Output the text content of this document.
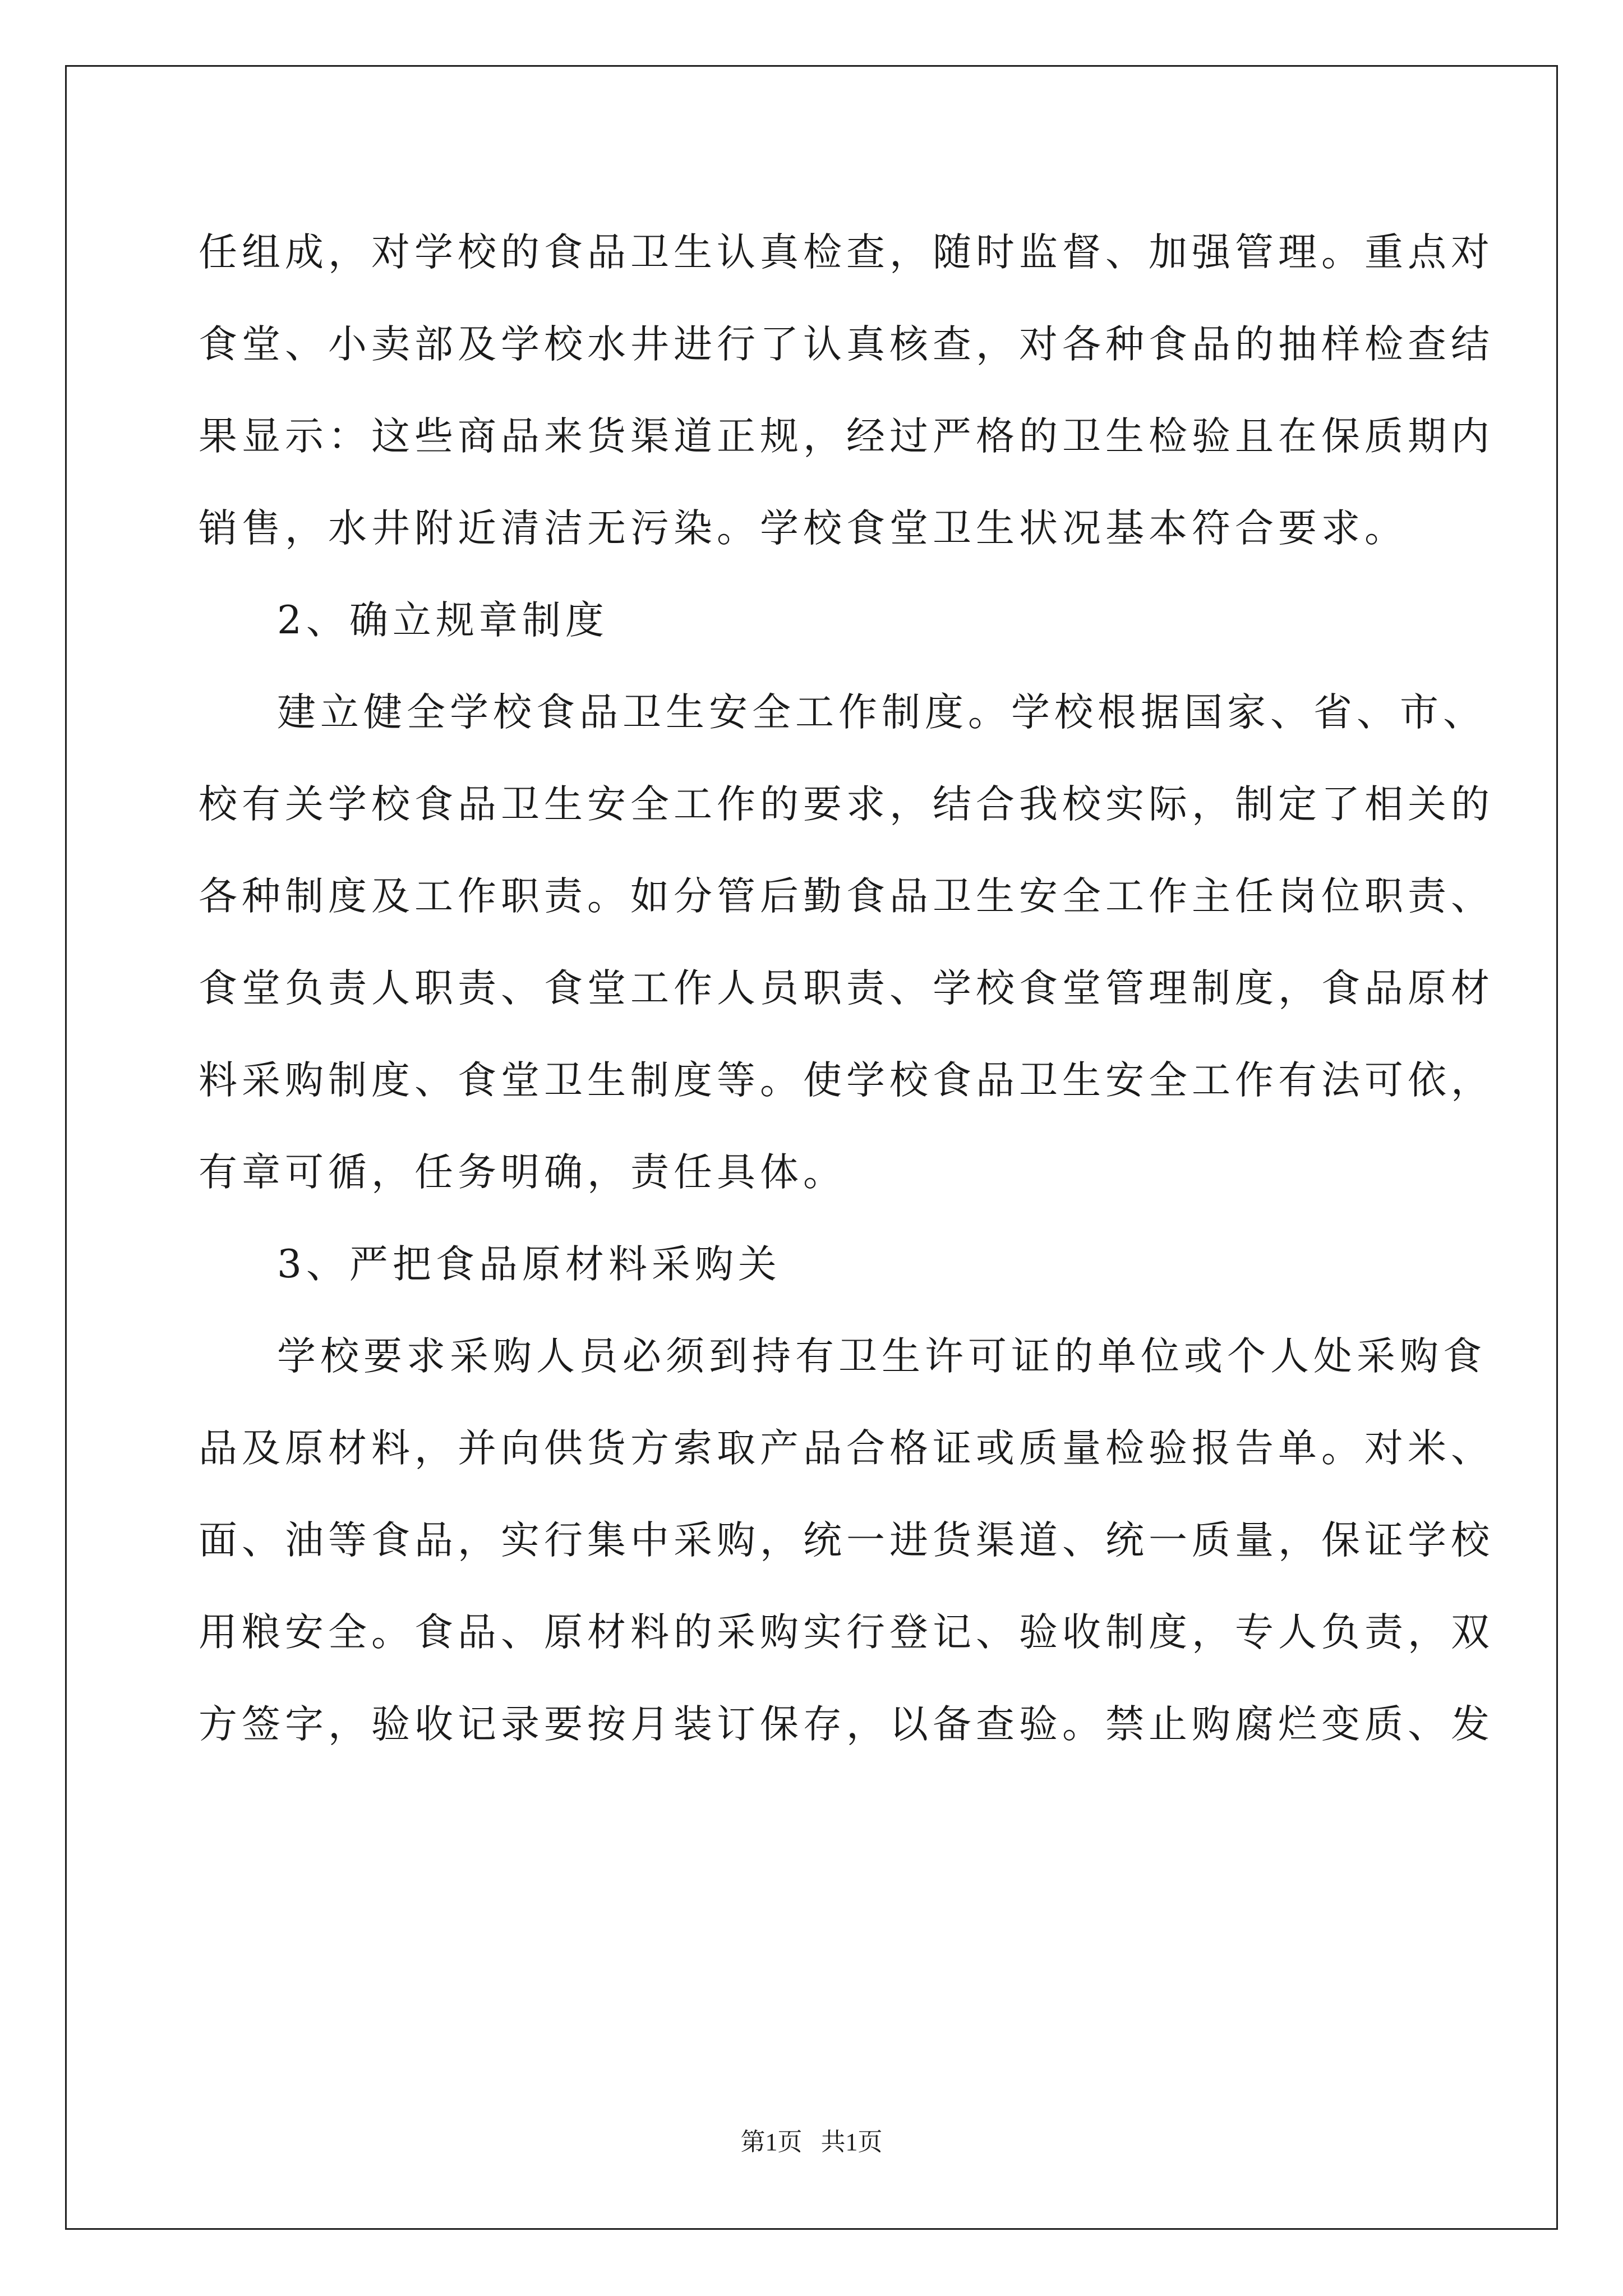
任组成，对学校的食品卫生认真检查，随时监督、加强管理。重点对
食堂、小卖部及学校水井进行了认真核查，对各种食品的抽样检查结
果显示：这些商品来货渠道正规，经过严格的卫生检验且在保质期内
销售，水井附近清洁无污染。学校食堂卫生状况基本符合要求。
2、确立规章制度
建立健全学校食品卫生安全工作制度。学校根据国家、省、市、
校有关学校食品卫生安全工作的要求，结合我校实际，制定了相关的
各种制度及工作职责。如分管后勤食品卫生安全工作主任岗位职责、
食堂负责人职责、食堂工作人员职责、学校食堂管理制度，食品原材
料采购制度、食堂卫生制度等。使学校食品卫生安全工作有法可依，
有章可循，任务明确，责任具体。
3、严把食品原材料采购关
学校要求采购人员必须到持有卫生许可证的单位或个人处采购食
品及原材料，并向供货方索取产品合格证或质量检验报告单。对米、
面、油等食品，实行集中采购，统一进货渠道、统一质量，保证学校
用粮安全。食品、原材料的采购实行登记、验收制度，专人负责，双
方签字，验收记录要按月装订保存，以备查验。禁止购腐烂变质、发
第1页   共1页
